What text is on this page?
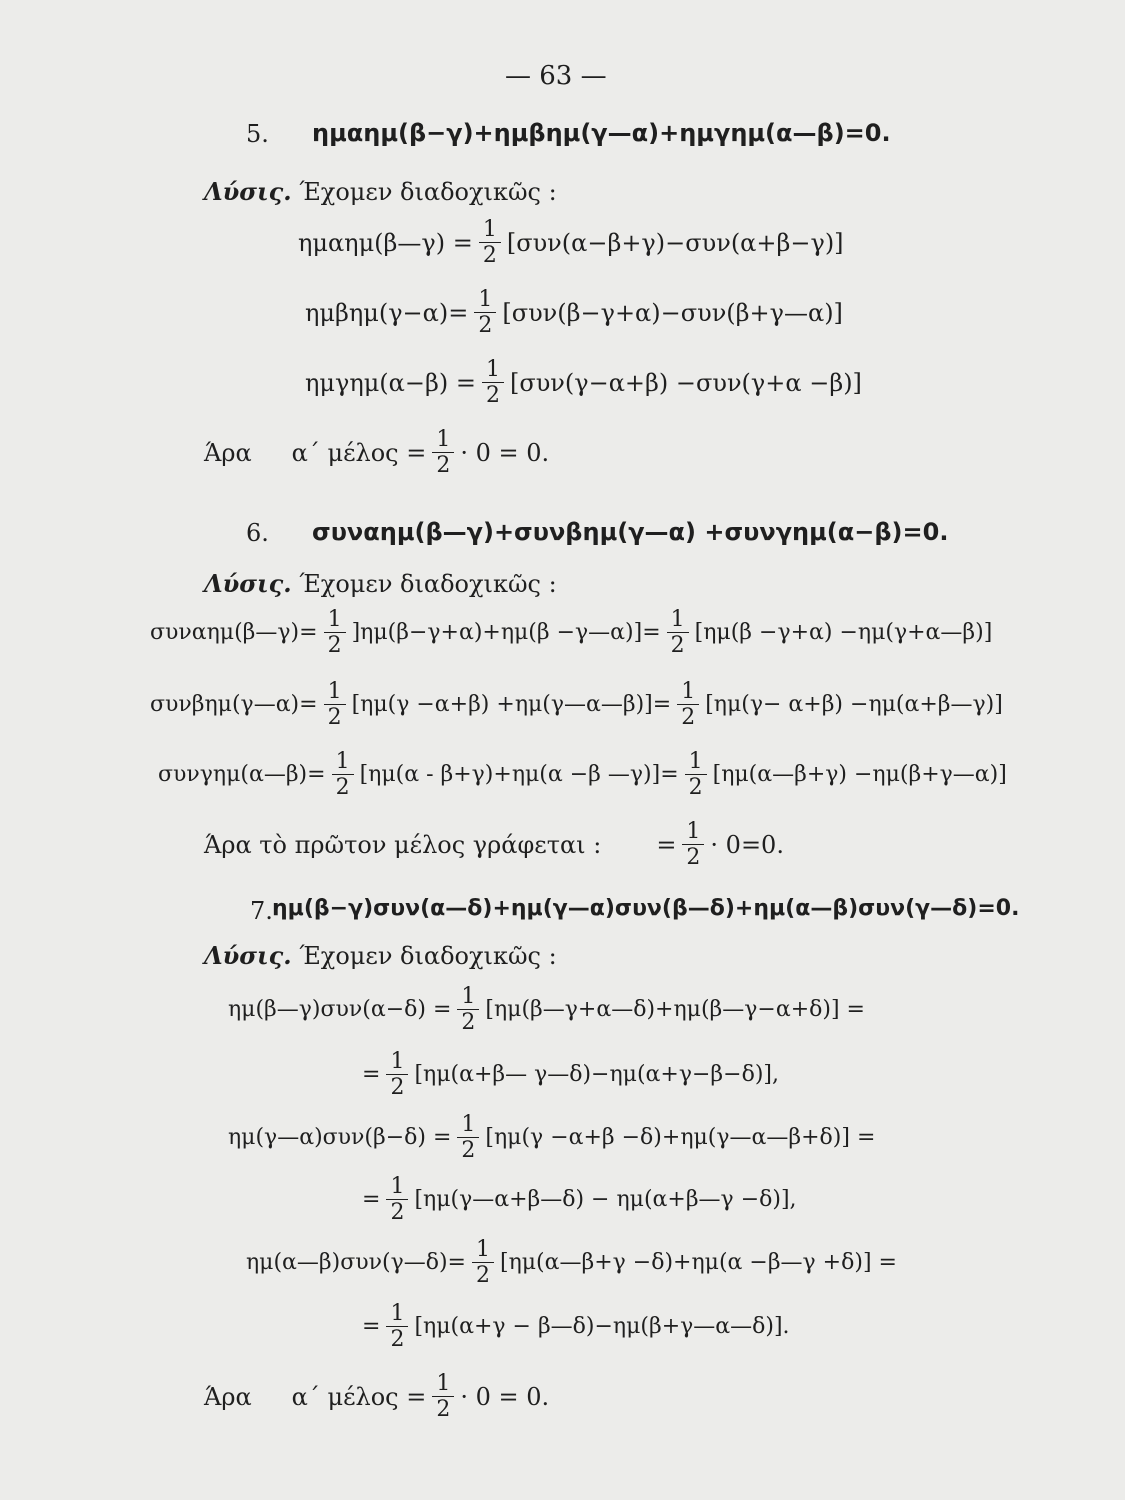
— 63 —
5. ημαημ(β−γ)+ημβημ(γ—α)+ημγημ(α—β)=0.
Λύσις. Έχομεν διαδοχικῶς :
ημαημ(β—γ) = $\frac{1}{2} [\sigma\upsilon\nu(\alpha-\beta+\gamma)-\sigma\upsilon\nu(\alpha+\beta-\gamma)]$
$\eta\mu\beta\eta\mu(\gamma-\alpha)= \frac{1}{2}$ [συν(β−γ+α)−συν(β+γ—α)]
$\eta\mu\gamma\eta\mu(\alpha-\beta) = \frac{1}{2} [\sigma\upsilon\nu(\gamma-\alpha+\beta) -\sigma\upsilon\nu(\gamma+\alpha -\beta)]$
Άρα α΄ $\mu έ\lambda o\varsigma = \frac{1}{2} \cdot 0 = 0$.
6. συναημ(β—γ)+συνβημ(γ—α) +συνγημ(α−β)=0.
Λύσις. Έχομεν διαδοχικῶς :
συναημ(β—γ)= $\frac{1}{2} ]\eta\mu(\beta-\gamma+\alpha)+\eta\mu(\beta$ −γ—α)]= $\frac{1}{2} [\eta\mu(\beta -\gamma+\alpha)$ −ημ(γ+α—β)]
συνβημ(γ—α)= $\frac{1}{2} [\eta\mu(\gamma -\alpha+\beta)$ +ημ(γ—α—β)]= $\frac{1}{2} [\eta\mu(\gamma- \alpha+\beta)$ −ημ(α+β—γ)]
συνγημ(α—β)= $\frac{1}{2} [\eta\mu(\alpha - \beta+\gamma)+\eta\mu(\alpha -\beta$ —γ)]= $\frac{1}{2}$ [ημ(α—β+γ) −ημ(β+γ—α)]
Άρα τὸ πρῶτον μέλος γράφεται : = $\frac{1}{2} \cdot 0=0$.
7. ημ(β−γ)συν(α—δ)+ημ(γ—α)συν(β—δ)+ημ(α—β)συν(γ—δ)=0.
Λύσις. Έχομεν διαδοχικῶς :
ημ(β—γ)συν(α−δ) = $\frac{1}{2}$ [ημ(β—γ+α—δ)+ημ(β—γ−α+δ)] =
= $\frac{1}{2}$ [ημ(α+β— γ—δ)−ημ(α+γ−β−δ)],
ημ(γ—α)συν(β−δ) = $\frac{1}{2} [\eta\mu(\gamma -\alpha+\beta$ −δ)+ημ(γ—α—β+δ)] =
= $\frac{1}{2}$ [ημ(γ—α+β—δ) − ημ(α+β—γ −δ)],
ημ(α—β)συν(γ—δ)= $\frac{1}{2}$ [ημ(α—β+γ −δ)+ημ(α −β—γ +δ)] =
= $\frac{1}{2} [\eta\mu(\alpha+\gamma$ − β—δ)−ημ(β+γ—α—δ)].
Άρα α΄ $\mu έ\lambda o\varsigma = \frac{1}{2} \cdot 0 = 0$.
